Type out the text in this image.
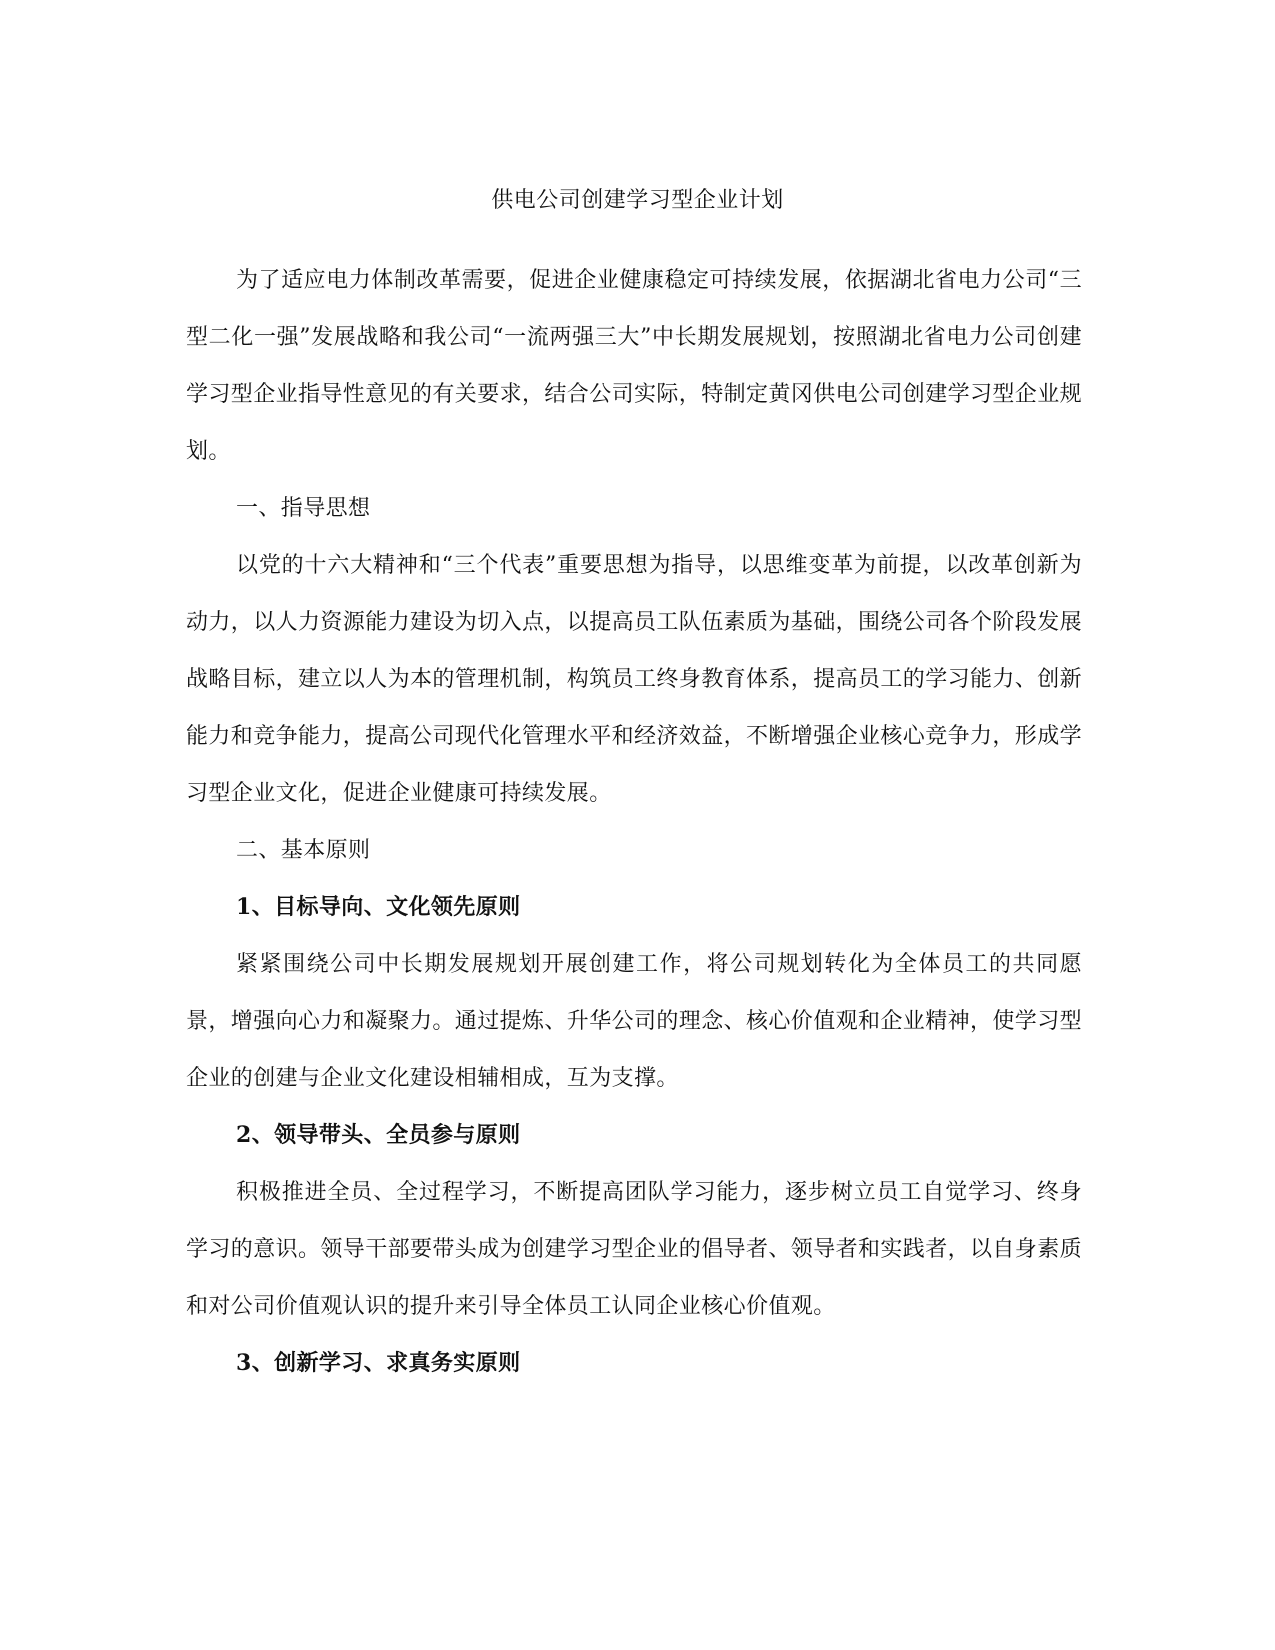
供电公司创建学习型企业计划

为了适应电力体制改革需要，促进企业健康稳定可持续发展，依据湖北省电力公司“三型二化一强”发展战略和我公司“一流两强三大”中长期发展规划，按照湖北省电力公司创建学习型企业指导性意见的有关要求，结合公司实际，特制定黄冈供电公司创建学习型企业规划。

一、指导思想

以党的十六大精神和“三个代表”重要思想为指导，以思维变革为前提，以改革创新为动力，以人力资源能力建设为切入点，以提高员工队伍素质为基础，围绕公司各个阶段发展战略目标，建立以人为本的管理机制，构筑员工终身教育体系，提高员工的学习能力、创新能力和竞争能力，提高公司现代化管理水平和经济效益，不断增强企业核心竞争力，形成学习型企业文化，促进企业健康可持续发展。

二、基本原则

1、目标导向、文化领先原则

紧紧围绕公司中长期发展规划开展创建工作，将公司规划转化为全体员工的共同愿景，增强向心力和凝聚力。通过提炼、升华公司的理念、核心价值观和企业精神，使学习型企业的创建与企业文化建设相辅相成，互为支撑。

2、领导带头、全员参与原则

积极推进全员、全过程学习，不断提高团队学习能力，逐步树立员工自觉学习、终身学习的意识。领导干部要带头成为创建学习型企业的倡导者、领导者和实践者，以自身素质和对公司价值观认识的提升来引导全体员工认同企业核心价值观。

3、创新学习、求真务实原则
